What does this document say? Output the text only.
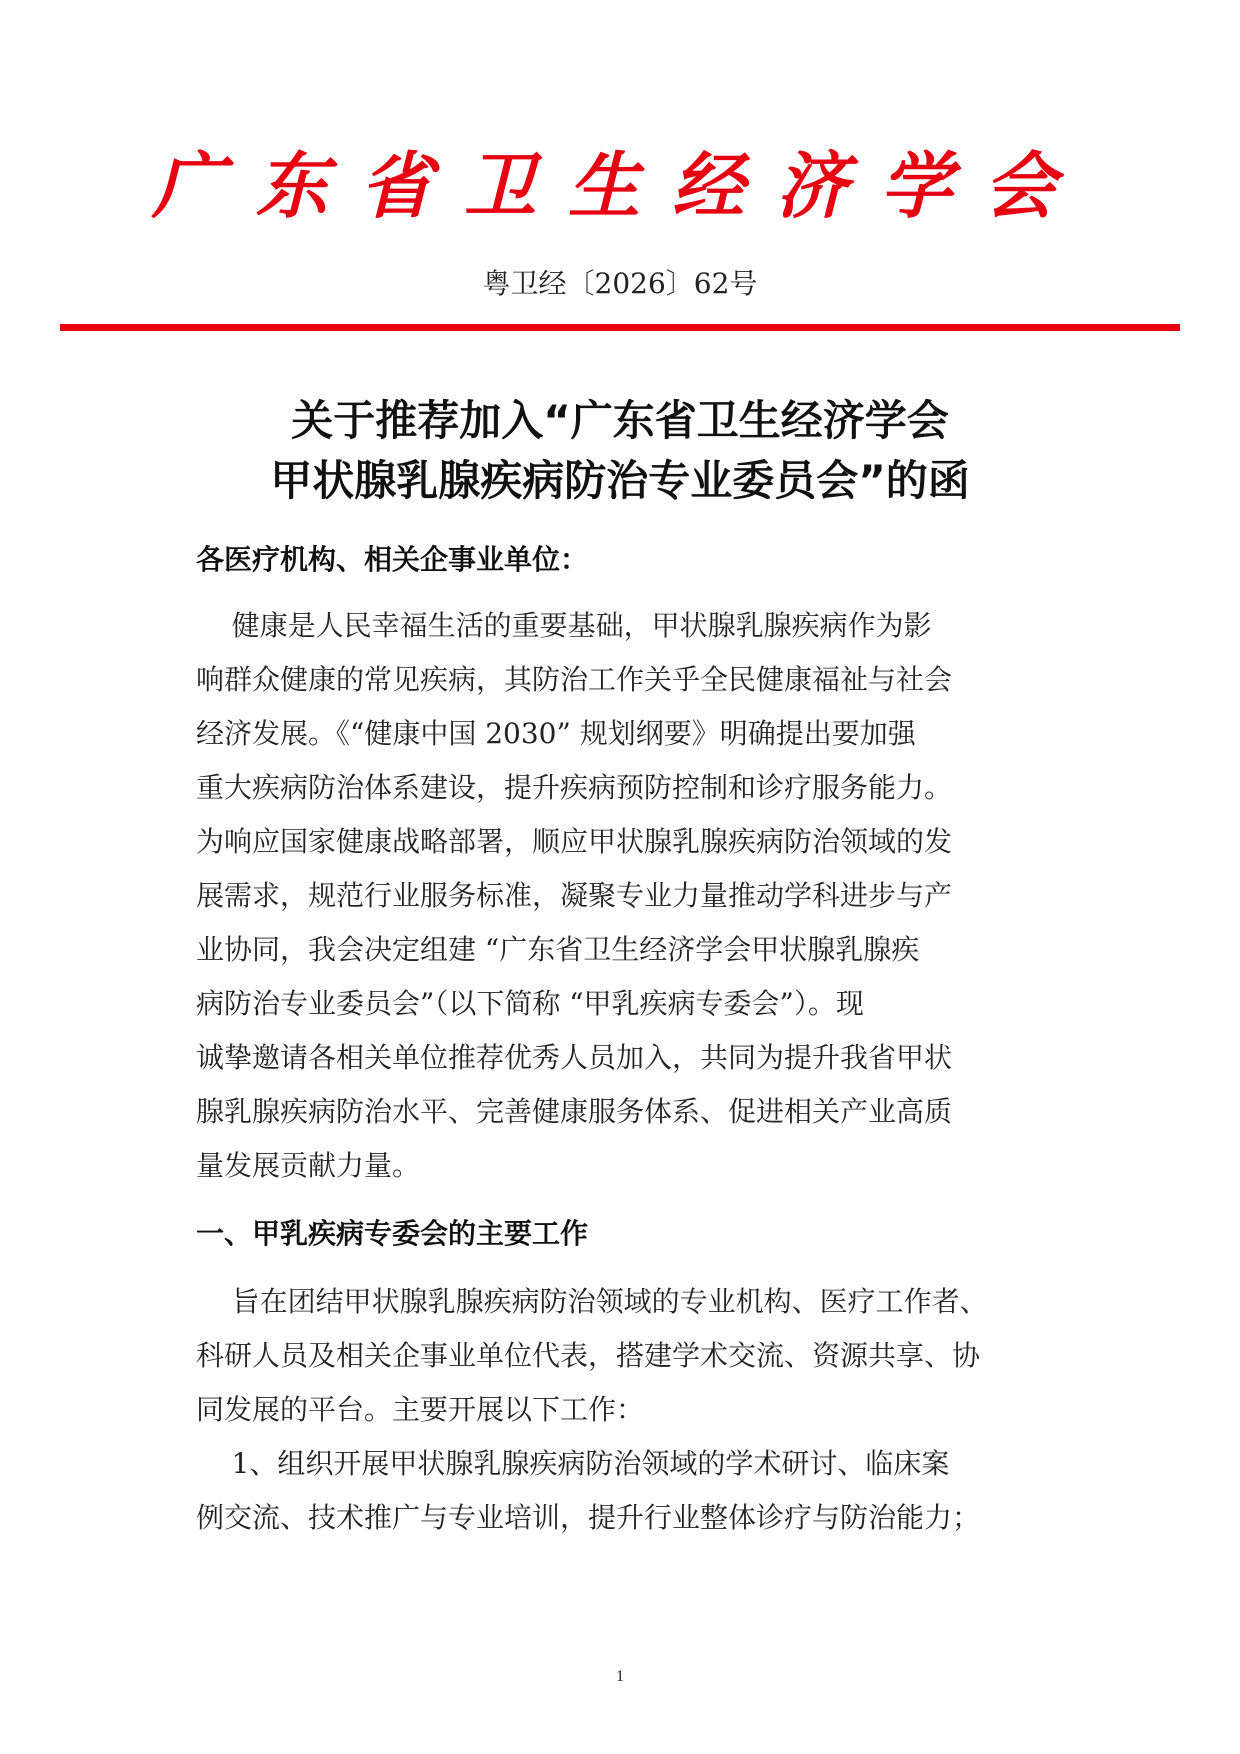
广东省卫生经济学会
粤卫经〔2026〕62号
关于推荐加入“广东省卫生经济学会
甲状腺乳腺疾病防治专业委员会”的函
各医疗机构、相关企事业单位：
健康是人民幸福生活的重要基础，甲状腺乳腺疾病作为影
响群众健康的常见疾病，其防治工作关乎全民健康福祉与社会
经济发展。《“健康中国 2030” 规划纲要》明确提出要加强
重大疾病防治体系建设，提升疾病预防控制和诊疗服务能力。
为响应国家健康战略部署，顺应甲状腺乳腺疾病防治领域的发
展需求，规范行业服务标准，凝聚专业力量推动学科进步与产
业协同，我会决定组建 “广东省卫生经济学会甲状腺乳腺疾
病防治专业委员会”（以下简称 “甲乳疾病专委会”）。现
诚挚邀请各相关单位推荐优秀人员加入，共同为提升我省甲状
腺乳腺疾病防治水平、完善健康服务体系、促进相关产业高质
量发展贡献力量。
一、甲乳疾病专委会的主要工作
旨在团结甲状腺乳腺疾病防治领域的专业机构、医疗工作者、
科研人员及相关企事业单位代表，搭建学术交流、资源共享、协
同发展的平台。主要开展以下工作：
1、组织开展甲状腺乳腺疾病防治领域的学术研讨、临床案
例交流、技术推广与专业培训，提升行业整体诊疗与防治能力；
1
